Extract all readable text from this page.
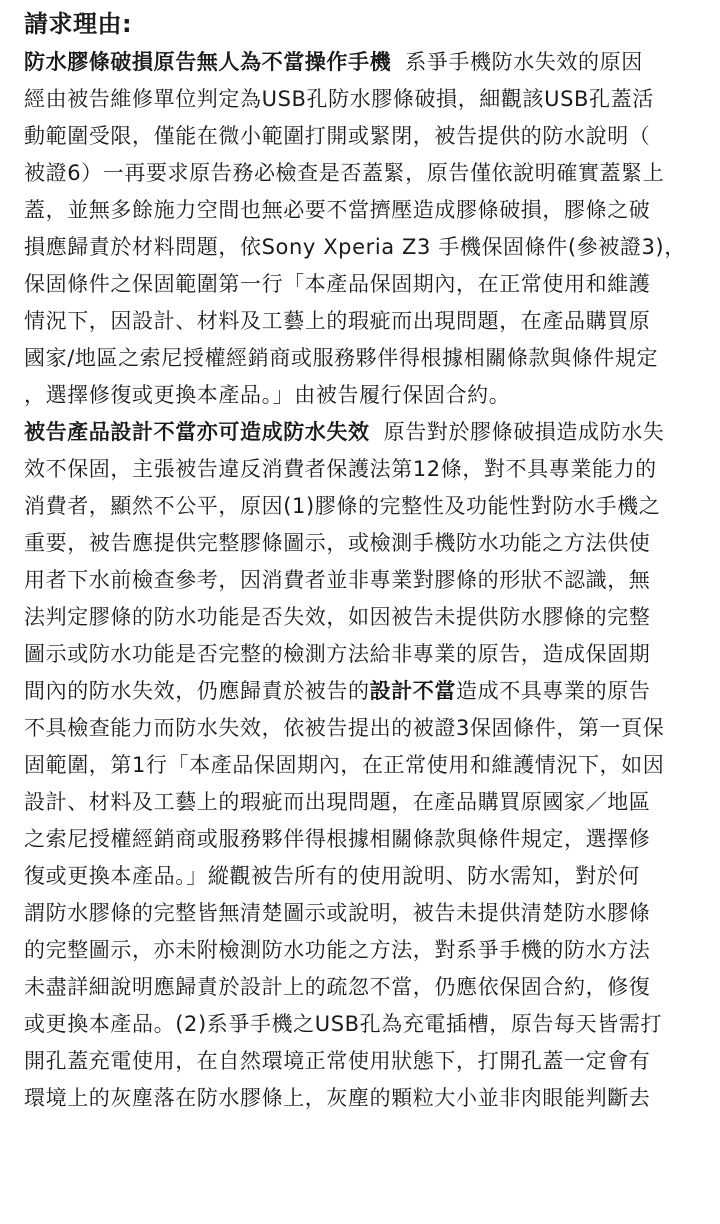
請求理由:
防水膠條破損原告無人為不當操作手機 系爭手機防水失效的原因
經由被告維修單位判定為USB孔防水膠條破損，細觀該USB孔蓋活
動範圍受限，僅能在微小範圍打開或緊閉，被告提供的防水說明（
被證6）一再要求原告務必檢查是否蓋緊，原告僅依說明確實蓋緊上
蓋，並無多餘施力空間也無必要不當擠壓造成膠條破損，膠條之破
損應歸責於材料問題，依Sony Xperia Z3 手機保固條件(參被證3)，
保固條件之保固範圍第一行「本產品保固期內，在正常使用和維護
情況下，因設計、材料及工藝上的瑕疵而出現問題，在產品購買原
國家/地區之索尼授權經銷商或服務夥伴得根據相關條款與條件規定
，選擇修復或更換本產品。」由被告履行保固合約。
被告產品設計不當亦可造成防水失效 原告對於膠條破損造成防水失
效不保固，主張被告違反消費者保護法第12條，對不具專業能力的
消費者，顯然不公平，原因(1)膠條的完整性及功能性對防水手機之
重要，被告應提供完整膠條圖示，或檢測手機防水功能之方法供使
用者下水前檢查參考，因消費者並非專業對膠條的形狀不認識，無
法判定膠條的防水功能是否失效，如因被告未提供防水膠條的完整
圖示或防水功能是否完整的檢測方法給非專業的原告，造成保固期
間內的防水失效，仍應歸責於被告的設計不當造成不具專業的原告
不具檢查能力而防水失效，依被告提出的被證3保固條件，第一頁保
固範圍，第1行「本產品保固期內，在正常使用和維護情況下，如因
設計、材料及工藝上的瑕疵而出現問題，在產品購買原國家／地區
之索尼授權經銷商或服務夥伴得根據相關條款與條件規定，選擇修
復或更換本產品。」縱觀被告所有的使用說明、防水需知，對於何
謂防水膠條的完整皆無清楚圖示或說明，被告未提供清楚防水膠條
的完整圖示，亦未附檢測防水功能之方法，對系爭手機的防水方法
未盡詳細說明應歸責於設計上的疏忽不當，仍應依保固合約，修復
或更換本產品。(2)系爭手機之USB孔為充電插槽，原告每天皆需打
開孔蓋充電使用，在自然環境正常使用狀態下，打開孔蓋一定會有
環境上的灰塵落在防水膠條上，灰塵的顆粒大小並非肉眼能判斷去
